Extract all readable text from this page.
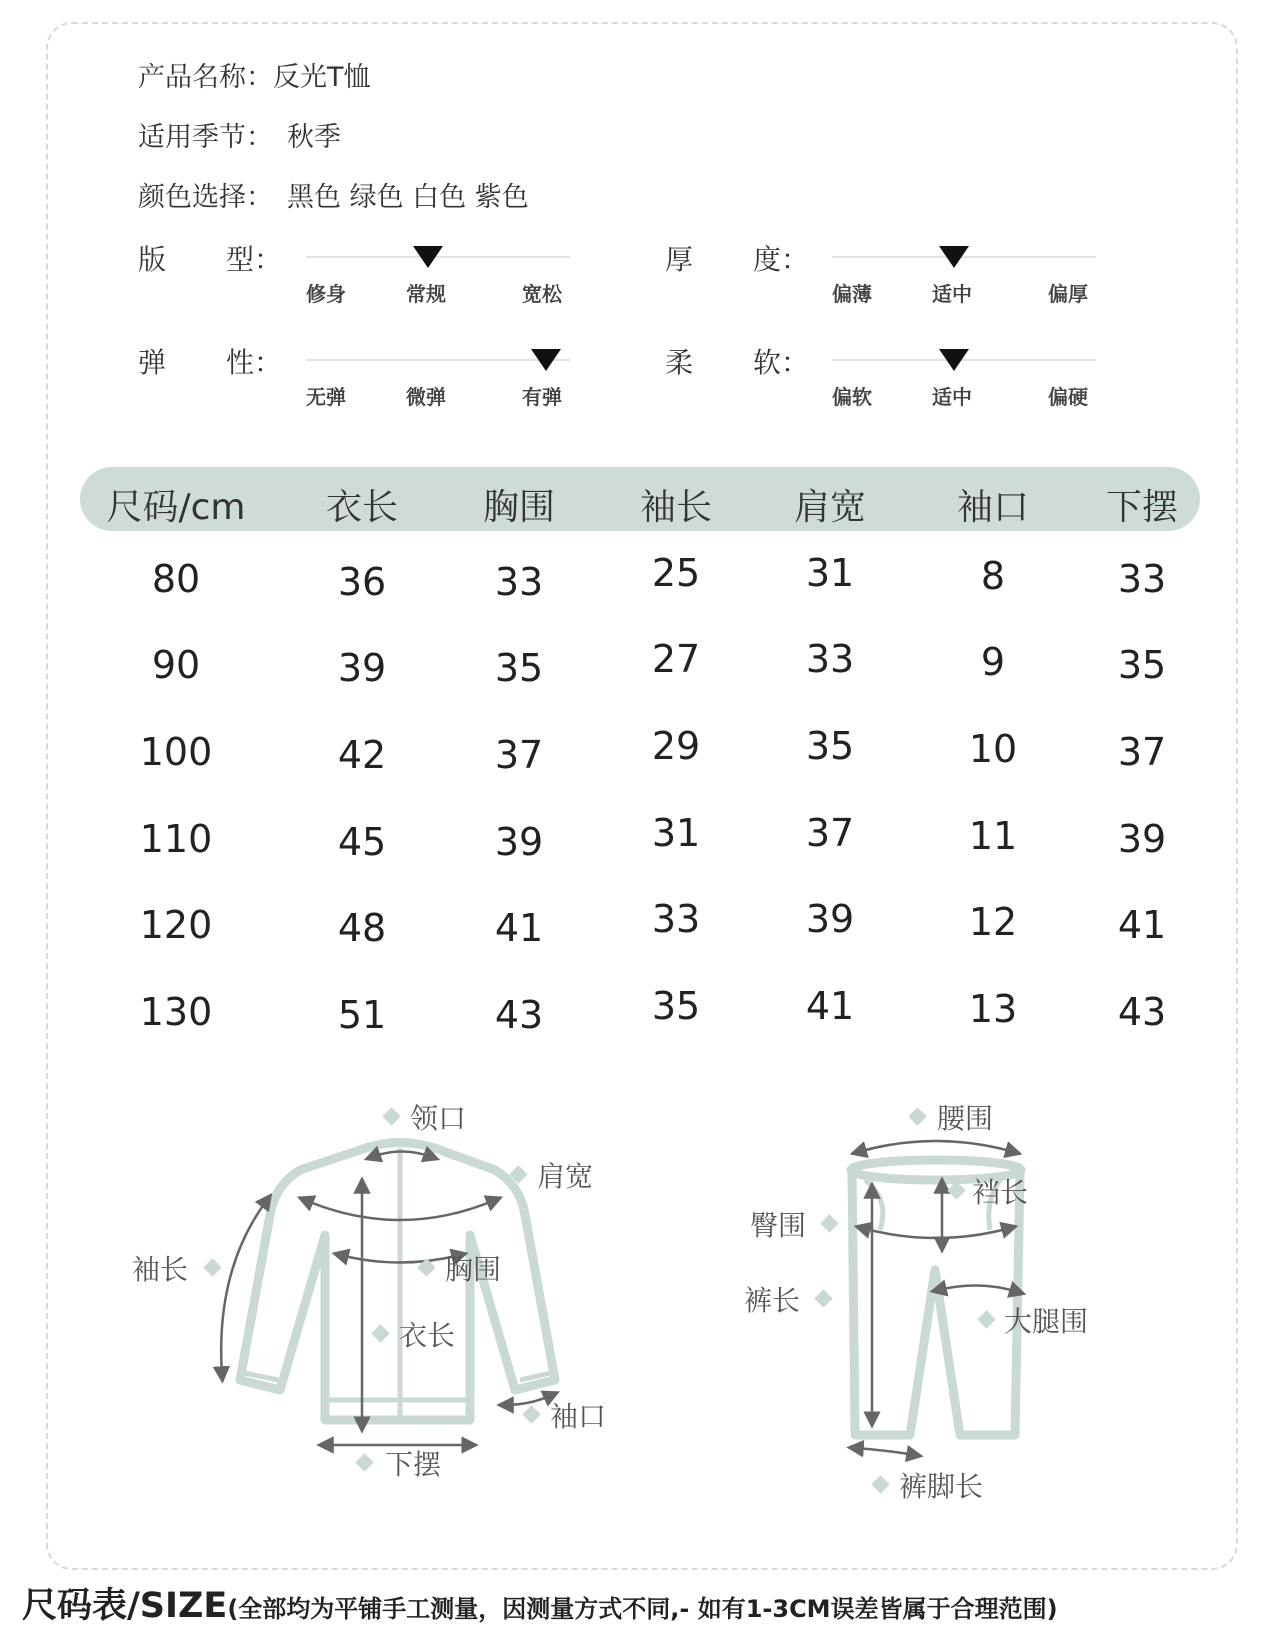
产品名称：反光T恤
适用季节： 秋季
颜色选择： 黑色 绿色 白色 紫色
版 型：
修身	常规	宽松
厚 度：
偏薄	适中	偏厚
弹 性：
无弹	微弹	有弹
柔 软：
偏软	适中	偏硬
尺码/cm 衣长 胸围 袖长 肩宽	袖口 下摆
80	36	33	25	31	8	33
90	39	35	27	33	9	35
100	42	37	29	35	10	37
110	45	39	31	37	11	39
120	48	41	33	39	12	41
130	51	43	35	41	13	43
领口
肩宽
袖长	胸围
衣长
袖口
下摆
腰围
裆长
臀围
裤长
大腿围
裤脚长
尺码表/SIZE(全部均为平铺手工测量，因测量方式不同,- 如有1-3CM误差皆属于合理范围)
